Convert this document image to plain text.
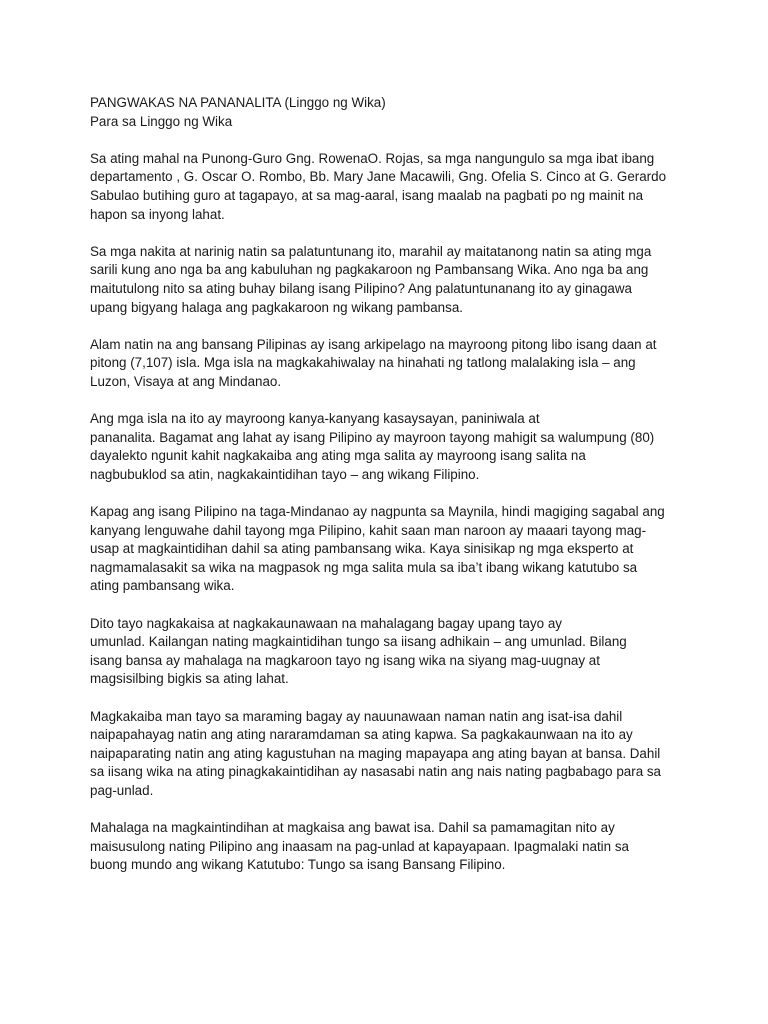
PANGWAKAS NA PANANALITA (Linggo ng Wika)
Para sa Linggo ng Wika

Sa ating mahal na Punong-Guro Gng. RowenaO. Rojas, sa mga nangungulo sa mga ibat ibang
departamento , G. Oscar O. Rombo, Bb. Mary Jane Macawili, Gng. Ofelia S. Cinco at G. Gerardo
Sabulao butihing guro at tagapayo, at sa mag-aaral, isang maalab na pagbati po ng mainit na
hapon sa inyong lahat.

Sa mga nakita at narinig natin sa palatuntunang ito, marahil ay maitatanong natin sa ating mga
sarili kung ano nga ba ang kabuluhan ng pagkakaroon ng Pambansang Wika. Ano nga ba ang
maitutulong nito sa ating buhay bilang isang Pilipino? Ang palatuntunanang ito ay ginagawa
upang bigyang halaga ang pagkakaroon ng wikang pambansa.

Alam natin na ang bansang Pilipinas ay isang arkipelago na mayroong pitong libo isang daan at
pitong (7,107) isla. Mga isla na magkakahiwalay na hinahati ng tatlong malalaking isla – ang
Luzon, Visaya at ang Mindanao.

Ang mga isla na ito ay mayroong kanya-kanyang kasaysayan, paniniwala at
pananalita. Bagamat ang lahat ay isang Pilipino ay mayroon tayong mahigit sa walumpung (80)
dayalekto ngunit kahit nagkakaiba ang ating mga salita ay mayroong isang salita na
nagbubuklod sa atin, nagkakaintidihan tayo – ang wikang Filipino.

Kapag ang isang Pilipino na taga-Mindanao ay nagpunta sa Maynila, hindi magiging sagabal ang
kanyang lenguwahe dahil tayong mga Pilipino, kahit saan man naroon ay maaari tayong mag-
usap at magkaintidihan dahil sa ating pambansang wika. Kaya sinisikap ng mga eksperto at
nagmamalasakit sa wika na magpasok ng mga salita mula sa iba’t ibang wikang katutubo sa
ating pambansang wika.

Dito tayo nagkakaisa at nagkakaunawaan na mahalagang bagay upang tayo ay
umunlad. Kailangan nating magkaintidihan tungo sa iisang adhikain – ang umunlad. Bilang
isang bansa ay mahalaga na magkaroon tayo ng isang wika na siyang mag-uugnay at
magsisilbing bigkis sa ating lahat.

Magkakaiba man tayo sa maraming bagay ay nauunawaan naman natin ang isat-isa dahil
naipapahayag natin ang ating nararamdaman sa ating kapwa. Sa pagkakaunwaan na ito ay
naipaparating natin ang ating kagustuhan na maging mapayapa ang ating bayan at bansa. Dahil
sa iisang wika na ating pinagkakaintidihan ay nasasabi natin ang nais nating pagbabago para sa
pag-unlad.

Mahalaga na magkaintindihan at magkaisa ang bawat isa. Dahil sa pamamagitan nito ay
maisusulong nating Pilipino ang inaasam na pag-unlad at kapayapaan. Ipagmalaki natin sa
buong mundo ang wikang Katutubo: Tungo sa isang Bansang Filipino.
